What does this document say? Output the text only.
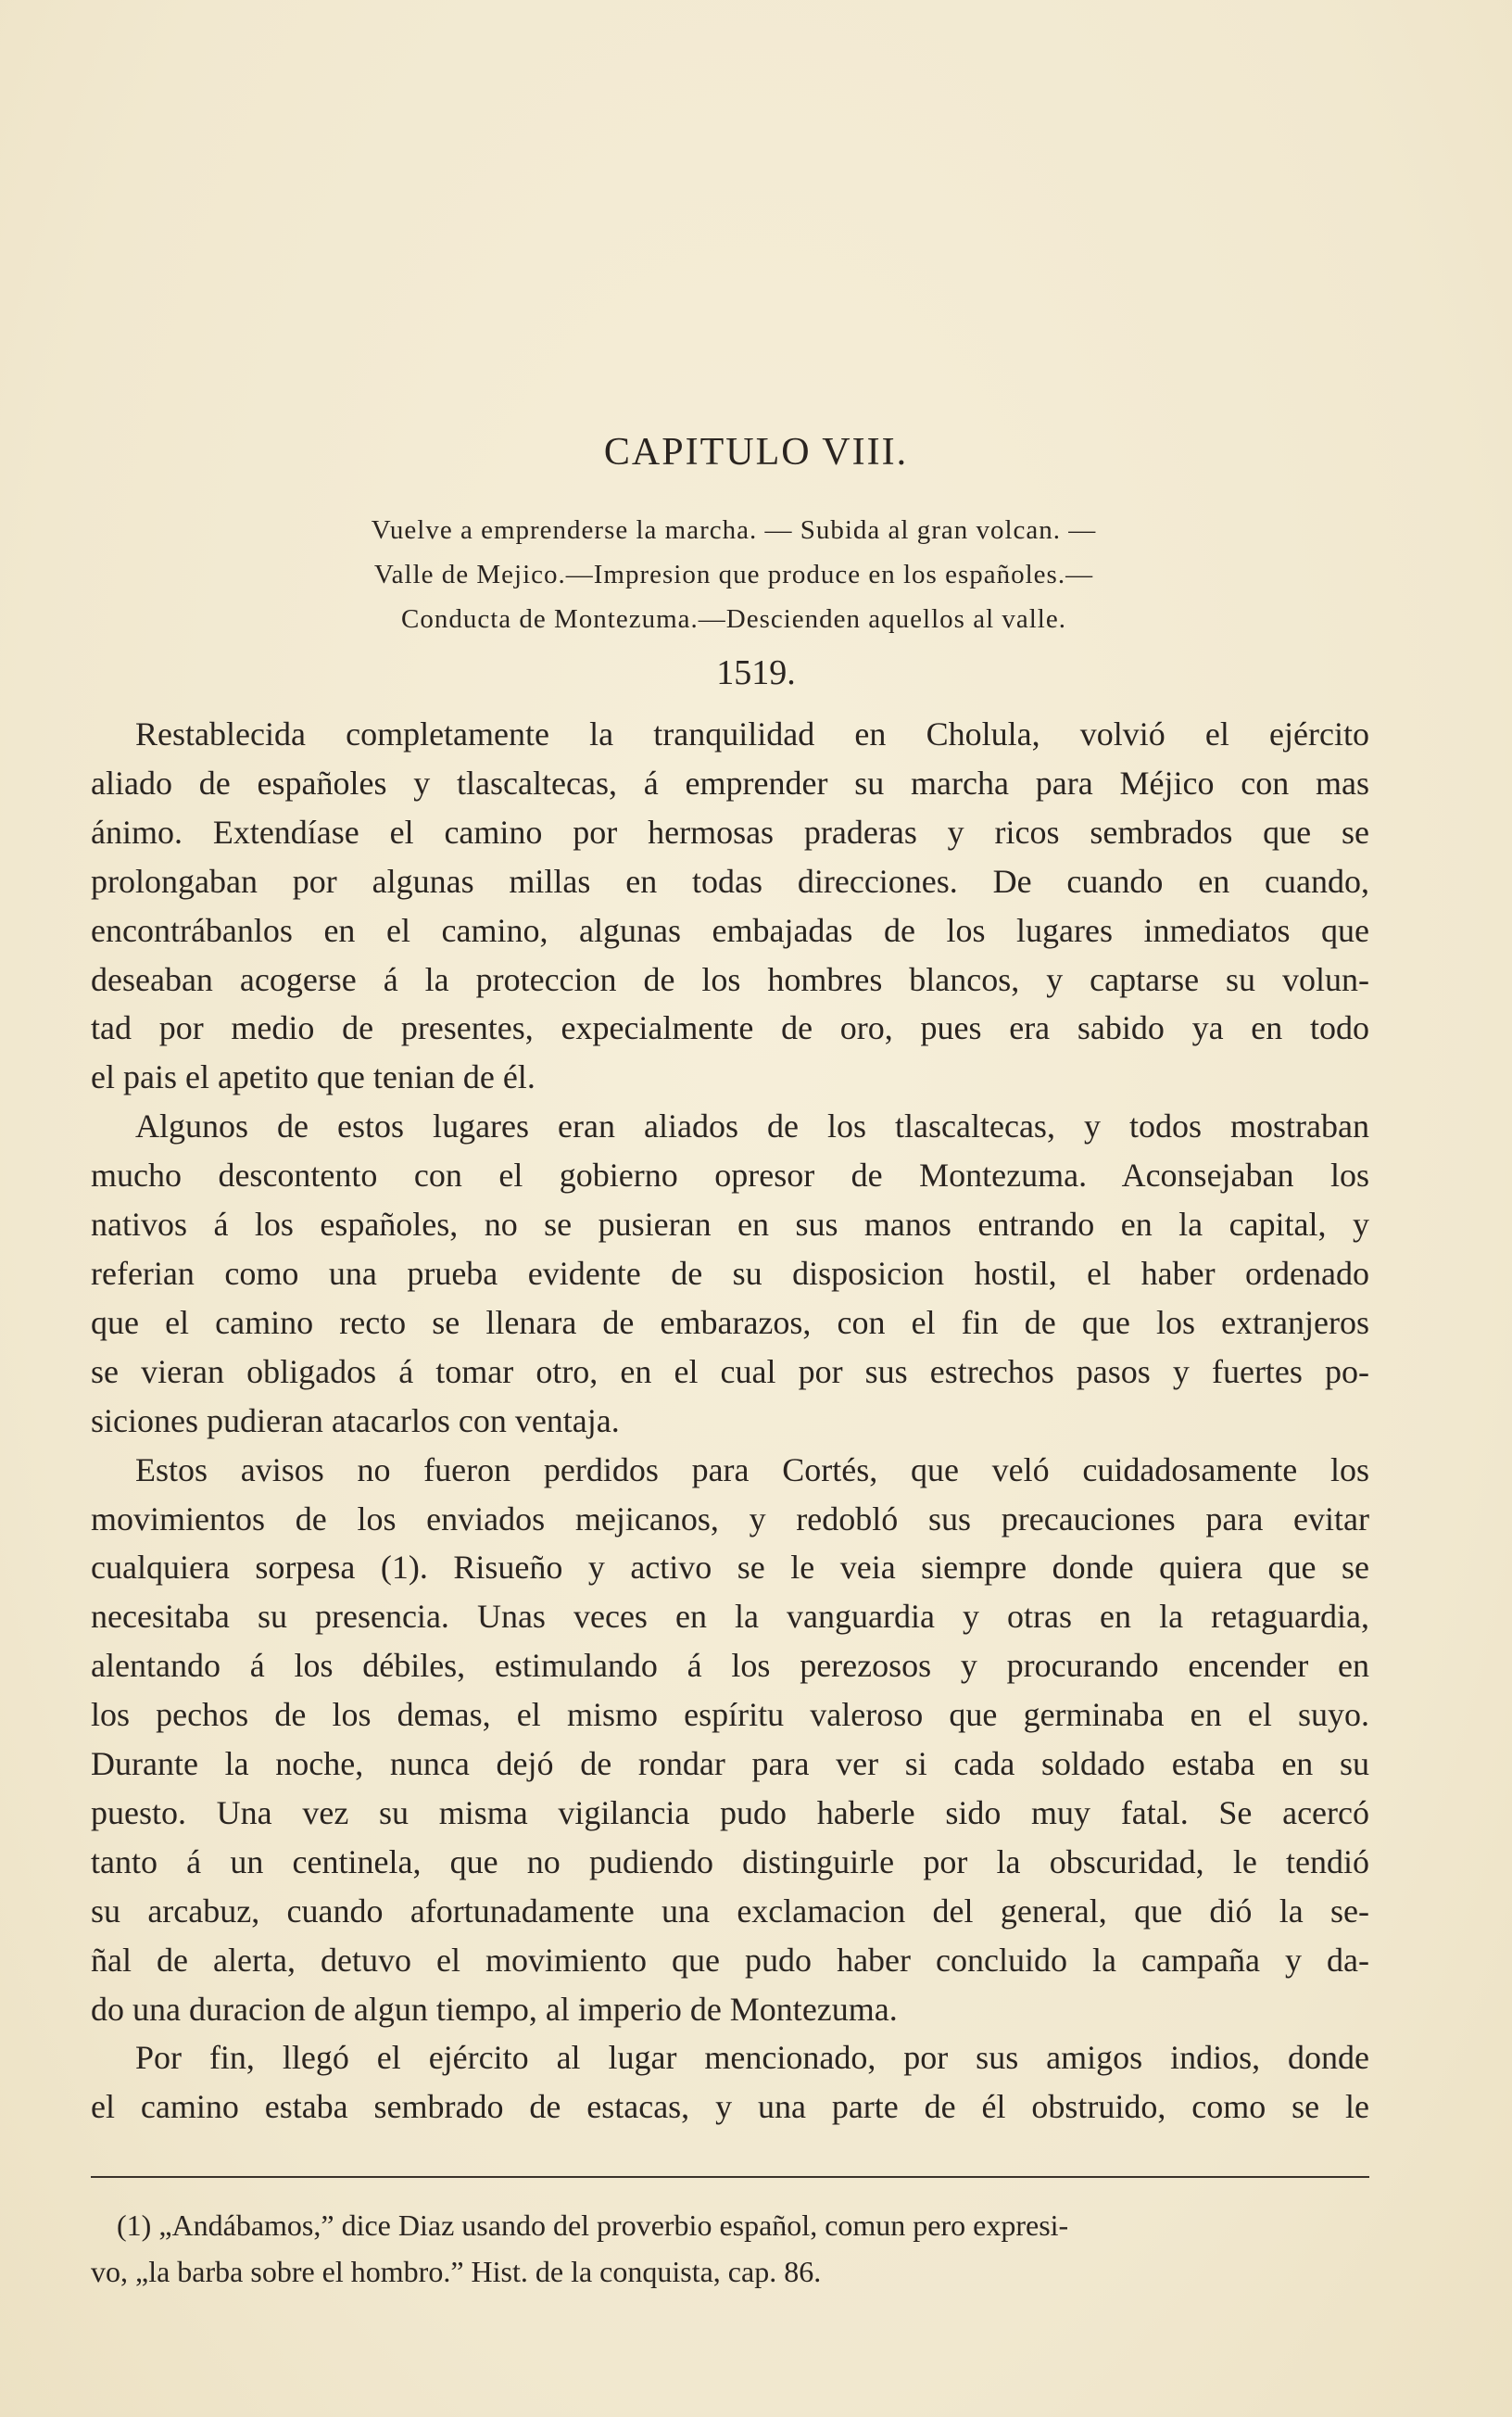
CAPITULO VIII.
Vuelve a emprenderse la marcha. — Subida al gran volcan. —
Valle de Mejico.—Impresion que produce en los españoles.—
Conducta de Montezuma.—Descienden aquellos al valle.
1519.
Restablecida completamente la tranquilidad en Cholula, volvió el ejército
aliado de españoles y tlascaltecas, á emprender su marcha para Méjico con mas
ánimo. Extendíase el camino por hermosas praderas y ricos sembrados que se
prolongaban por algunas millas en todas direcciones. De cuando en cuando,
encontrábanlos en el camino, algunas embajadas de los lugares inmediatos que
deseaban acogerse á la proteccion de los hombres blancos, y captarse su volun-
tad por medio de presentes, expecialmente de oro, pues era sabido ya en todo
el pais el apetito que tenian de él.
Algunos de estos lugares eran aliados de los tlascaltecas, y todos mostraban
mucho descontento con el gobierno opresor de Montezuma. Aconsejaban los
nativos á los españoles, no se pusieran en sus manos entrando en la capital, y
referian como una prueba evidente de su disposicion hostil, el haber ordenado
que el camino recto se llenara de embarazos, con el fin de que los extranjeros
se vieran obligados á tomar otro, en el cual por sus estrechos pasos y fuertes po-
siciones pudieran atacarlos con ventaja.
Estos avisos no fueron perdidos para Cortés, que veló cuidadosamente los
movimientos de los enviados mejicanos, y redobló sus precauciones para evitar
cualquiera sorpesa (1). Risueño y activo se le veia siempre donde quiera que se
necesitaba su presencia. Unas veces en la vanguardia y otras en la retaguardia,
alentando á los débiles, estimulando á los perezosos y procurando encender en
los pechos de los demas, el mismo espíritu valeroso que germinaba en el suyo.
Durante la noche, nunca dejó de rondar para ver si cada soldado estaba en su
puesto. Una vez su misma vigilancia pudo haberle sido muy fatal. Se acercó
tanto á un centinela, que no pudiendo distinguirle por la obscuridad, le tendió
su arcabuz, cuando afortunadamente una exclamacion del general, que dió la se-
ñal de alerta, detuvo el movimiento que pudo haber concluido la campaña y da-
do una duracion de algun tiempo, al imperio de Montezuma.
Por fin, llegó el ejército al lugar mencionado, por sus amigos indios, donde
el camino estaba sembrado de estacas, y una parte de él obstruido, como se le
(1) „Andábamos,” dice Diaz usando del proverbio español, comun pero expresi-
vo, „la barba sobre el hombro.” Hist. de la conquista, cap. 86.
